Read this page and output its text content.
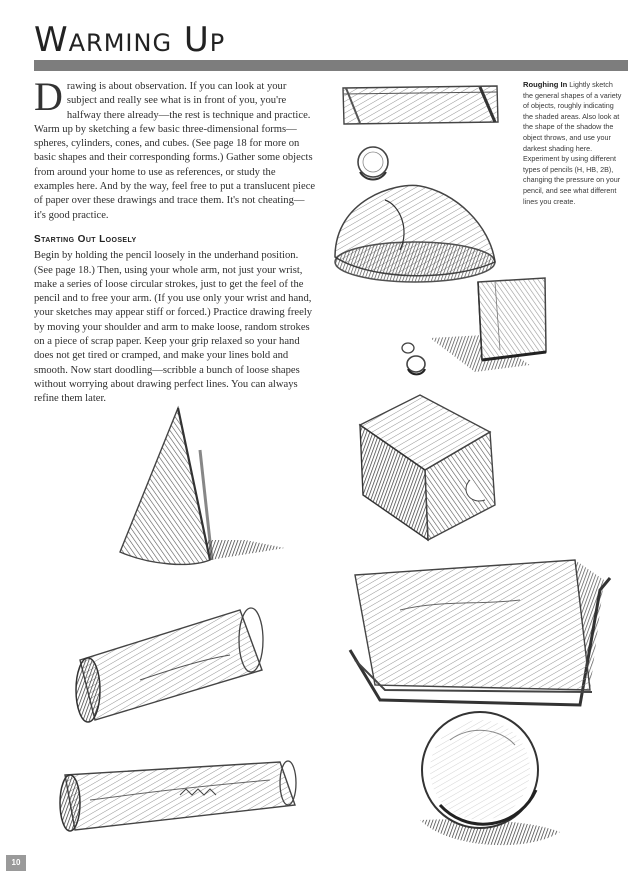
Warming Up
D rawing is about observation. If you can look at your subject and really see what is in front of you, you're halfway there already—the rest is technique and practice. Warm up by sketching a few basic three-dimensional forms—spheres, cylinders, cones, and cubes. (See page 18 for more on basic shapes and their corresponding forms.) Gather some objects from around your home to use as references, or study the examples here. And by the way, feel free to put a translucent piece of paper over these drawings and trace them. It's not cheating—it's good practice.

Starting Out Loosely

Begin by holding the pencil loosely in the underhand position. (See page 18.) Then, using your whole arm, not just your wrist, make a series of loose circular strokes, just to get the feel of the pencil and to free your arm. (If you use only your wrist and hand, your sketches may appear stiff or forced.) Practice drawing freely by moving your shoulder and arm to make loose, random strokes on a piece of scrap paper. Keep your grip relaxed so your hand does not get tired or cramped, and make your lines bold and smooth. Now start doodling—scribble a bunch of loose shapes without worrying about drawing perfect lines. You can always refine them later.

Roughing In Lightly sketch the general shapes of a variety of objects, roughly indicating the shaded areas. Also look at the shape of the shadow the object throws, and use your darkest shading here. Experiment by using different types of pencils (H, HB, 2B), changing the pressure on your pencil, and see what different lines you create.
10
